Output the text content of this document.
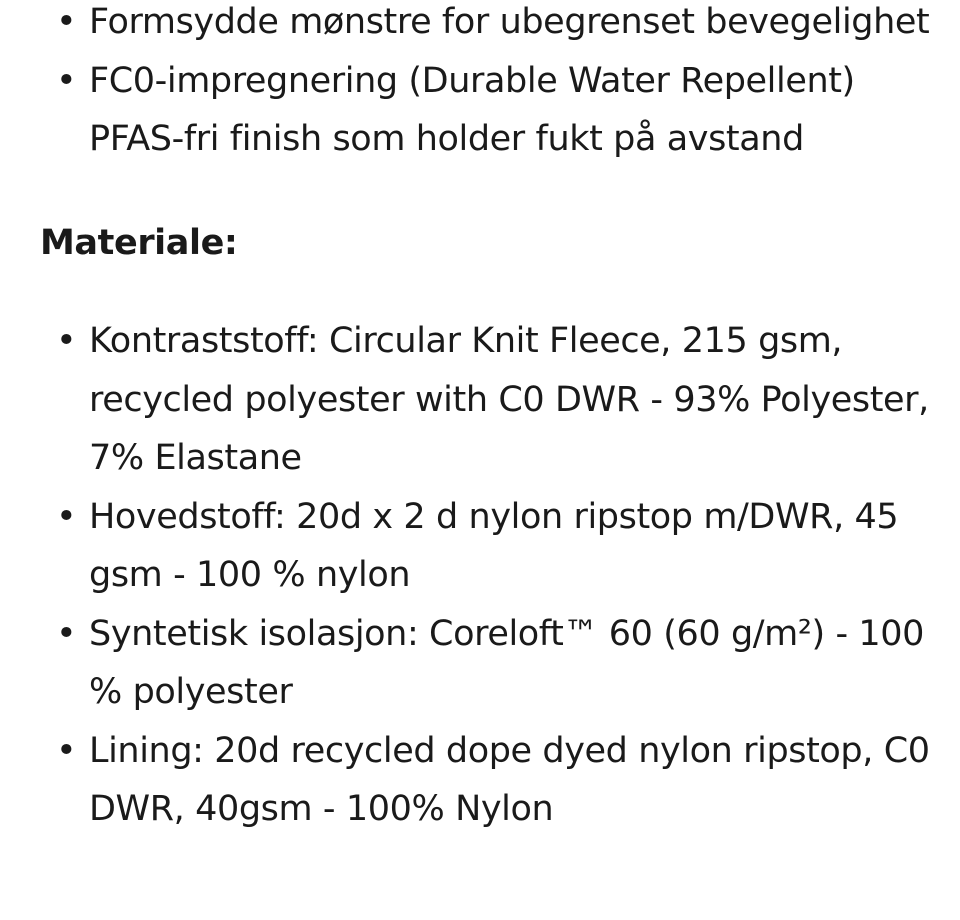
• Formsydde mønstre for ubegrenset bevegelighet
• FC0-impregnering (Durable Water Repellent) PFAS-fri finish som holder fukt på avstand
Materiale:
• Kontraststoff: Circular Knit Fleece, 215 gsm, recycled polyester with C0 DWR - 93% Polyester, 7% Elastane
• Hovedstoff: 20d x 2 d nylon ripstop m/DWR, 45 gsm - 100 % nylon
• Syntetisk isolasjon: Coreloft™ 60 (60 g/m²) - 100 % polyester
• Lining: 20d recycled dope dyed nylon ripstop, C0 DWR, 40gsm - 100% Nylon
